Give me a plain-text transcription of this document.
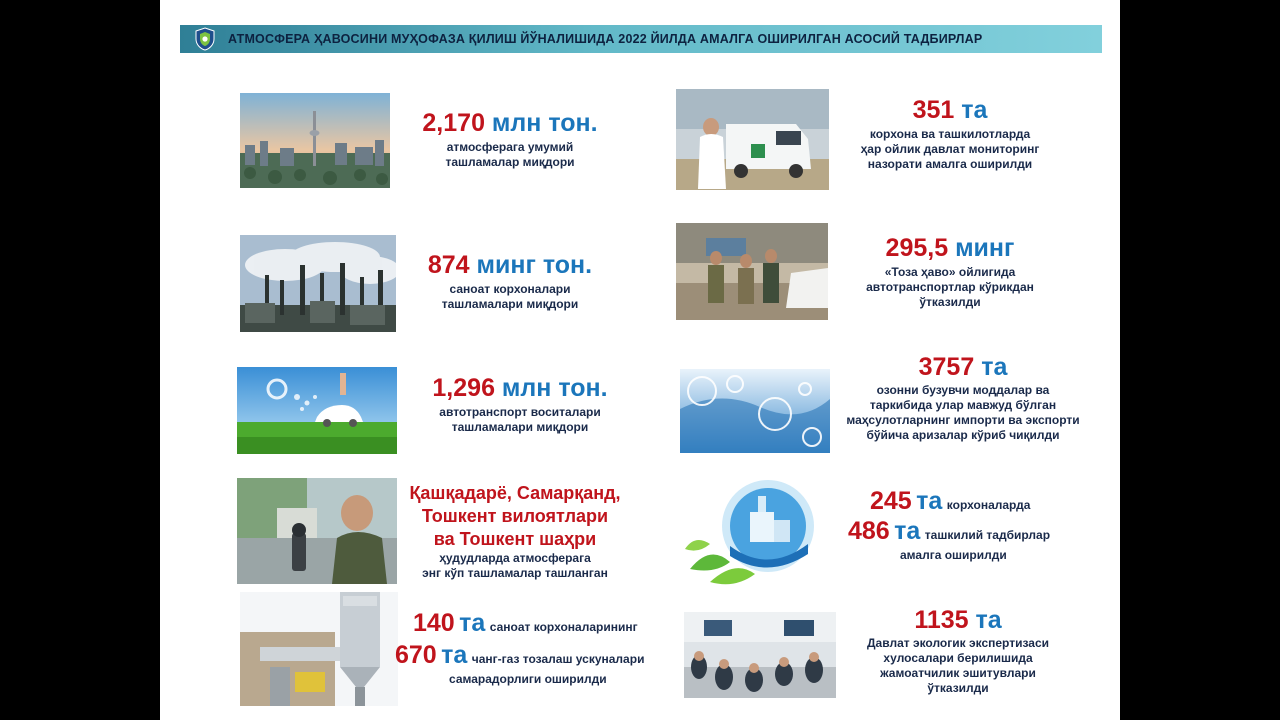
АТМОСФЕРА ҲАВОСИНИ МУҲОФАЗА ҚИЛИШ ЙЎНАЛИШИДА 2022 ЙИЛДА АМАЛГА ОШИРИЛГАН АСОСИЙ ТАДБИРЛАР
2,170 млн тон.
атмосферага умумий
ташламалар миқдори
874 минг тон.
саноат корхоналари
ташламалари миқдори
1,296 млн тон.
автотранспорт воситалари
ташламалари миқдори
Қашқадарё, Самарқанд,
Тошкент вилоятлари
ва Тошкент шаҳри
ҳудудларда атмосферага
энг кўп ташламалар ташланган
140 та саноат корхоналарининг
670 та чанг-газ тозалаш ускуналари
самарадорлиги оширилди
351 та
корхона ва ташкилотларда
ҳар ойлик давлат мониторинг
назорати амалга оширилди
295,5 минг
«Тоза ҳаво» ойлигида
автотранспортлар кўрикдан
ўтказилди
3757 та
озонни бузувчи моддалар ва
таркибида улар мавжуд бўлган
маҳсулотларнинг импорти ва экспорти
бўйича аризалар кўриб чиқилди
245 та корхоналарда
486 та ташкилий тадбирлар
амалга оширилди
1135 та
Давлат экологик экспертизаси
хулосалари берилишида
жамоатчилик эшитувлари
ўтказилди
